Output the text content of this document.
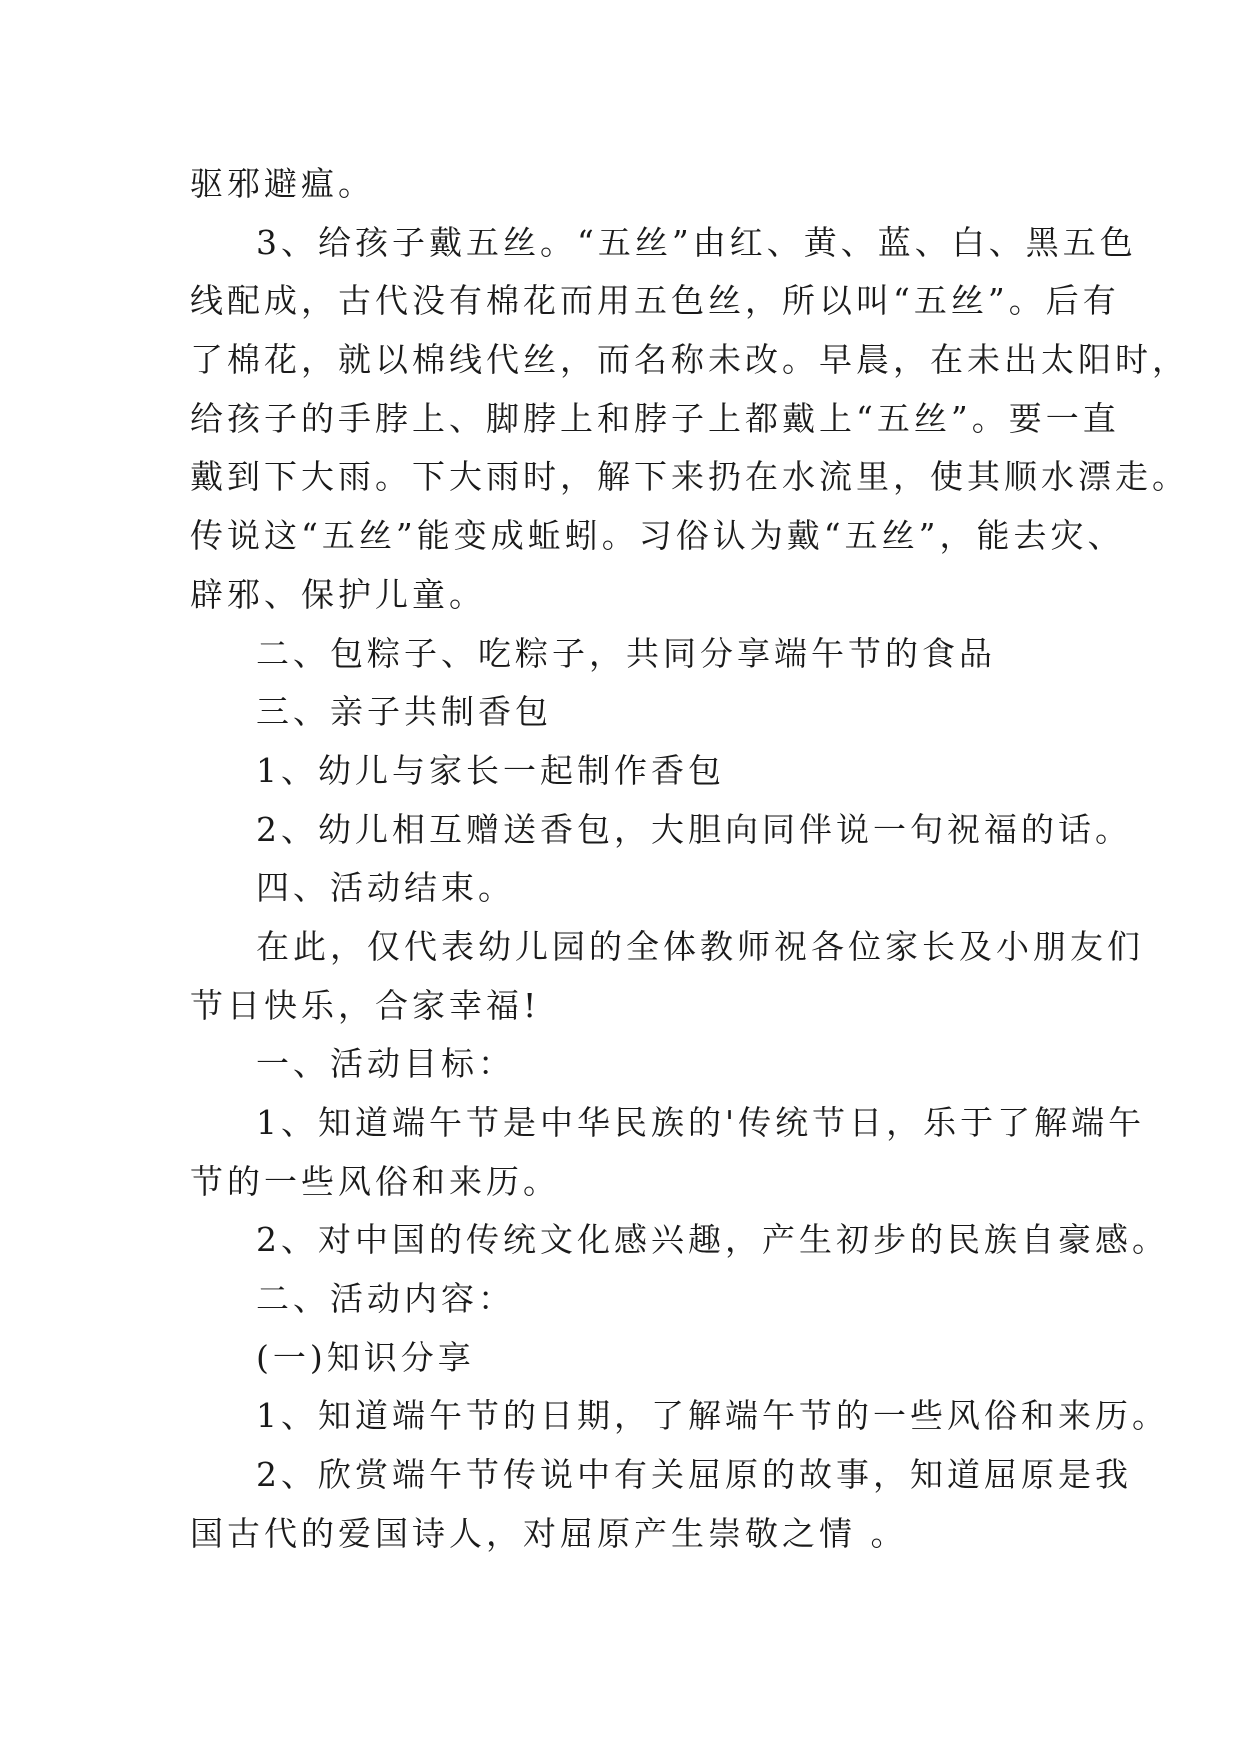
驱邪避瘟。
3、给孩子戴五丝。“五丝”由红、黄、蓝、白、黑五色
线配成，古代没有棉花而用五色丝，所以叫“五丝”。后有
了棉花，就以棉线代丝，而名称未改。早晨，在未出太阳时，
给孩子的手脖上、脚脖上和脖子上都戴上“五丝”。要一直
戴到下大雨。下大雨时，解下来扔在水流里，使其顺水漂走。
传说这“五丝”能变成蚯蚓。习俗认为戴“五丝”，能去灾、
辟邪、保护儿童。
二、包粽子、吃粽子，共同分享端午节的食品
三、亲子共制香包
1、幼儿与家长一起制作香包
2、幼儿相互赠送香包，大胆向同伴说一句祝福的话。
四、活动结束。
在此，仅代表幼儿园的全体教师祝各位家长及小朋友们
节日快乐，合家幸福!
一、活动目标：
1、知道端午节是中华民族的'传统节日，乐于了解端午
节的一些风俗和来历。
2、对中国的传统文化感兴趣，产生初步的民族自豪感。
二、活动内容：
(一)知识分享
1、知道端午节的日期，了解端午节的一些风俗和来历。
2、欣赏端午节传说中有关屈原的故事，知道屈原是我
国古代的爱国诗人，对屈原产生崇敬之情 。
